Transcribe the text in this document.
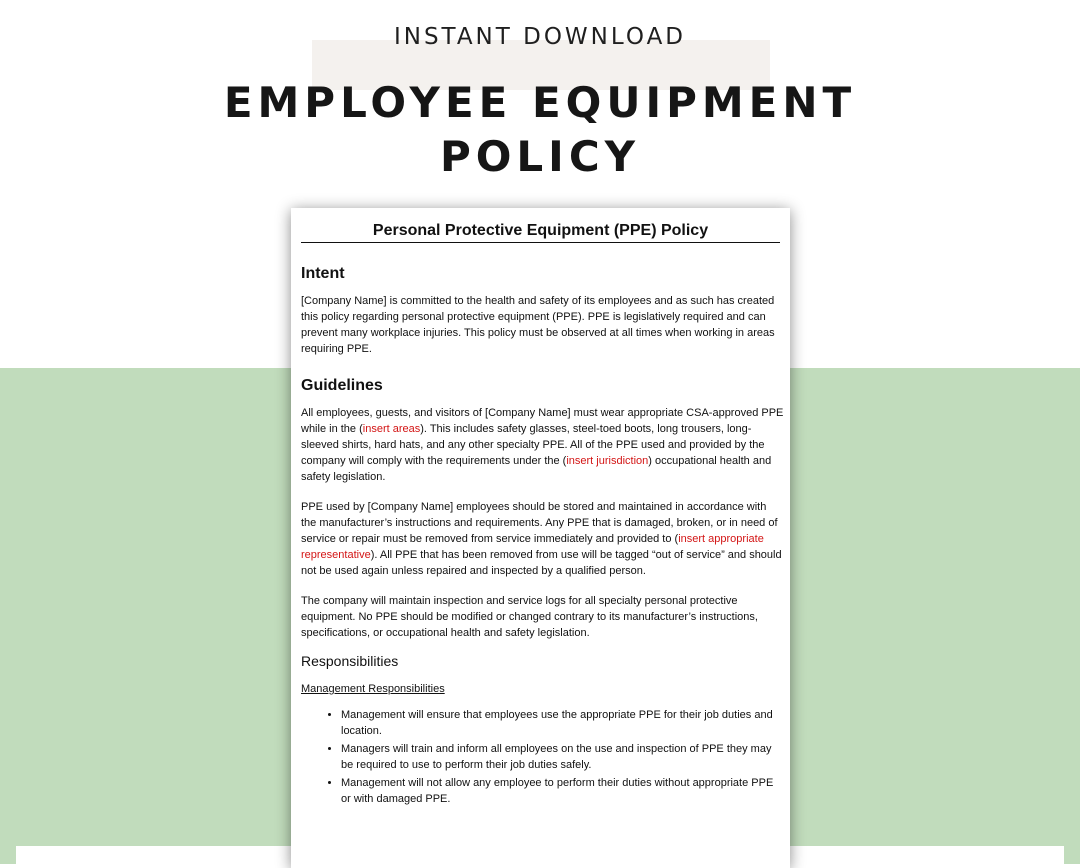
INSTANT DOWNLOAD
EMPLOYEE EQUIPMENT
POLICY
Personal Protective Equipment (PPE) Policy
Intent
[Company Name] is committed to the health and safety of its employees and as such has created this policy regarding personal protective equipment (PPE). PPE is legislatively required and can prevent many workplace injuries. This policy must be observed at all times when working in areas requiring PPE.
Guidelines
All employees, guests, and visitors of [Company Name] must wear appropriate CSA-approved PPE while in the (insert areas). This includes safety glasses, steel-toed boots, long trousers, long-sleeved shirts, hard hats, and any other specialty PPE. All of the PPE used and provided by the company will comply with the requirements under the (insert jurisdiction) occupational health and safety legislation.
PPE used by [Company Name] employees should be stored and maintained in accordance with the manufacturer’s instructions and requirements. Any PPE that is damaged, broken, or in need of service or repair must be removed from service immediately and provided to (insert appropriate representative). All PPE that has been removed from use will be tagged “out of service” and should not be used again unless repaired and inspected by a qualified person.
The company will maintain inspection and service logs for all specialty personal protective equipment. No PPE should be modified or changed contrary to its manufacturer’s instructions, specifications, or occupational health and safety legislation.
Responsibilities
Management Responsibilities
• Management will ensure that employees use the appropriate PPE for their job duties and location.
• Managers will train and inform all employees on the use and inspection of PPE they may be required to use to perform their job duties safely.
• Management will not allow any employee to perform their duties without appropriate PPE or with damaged PPE.
